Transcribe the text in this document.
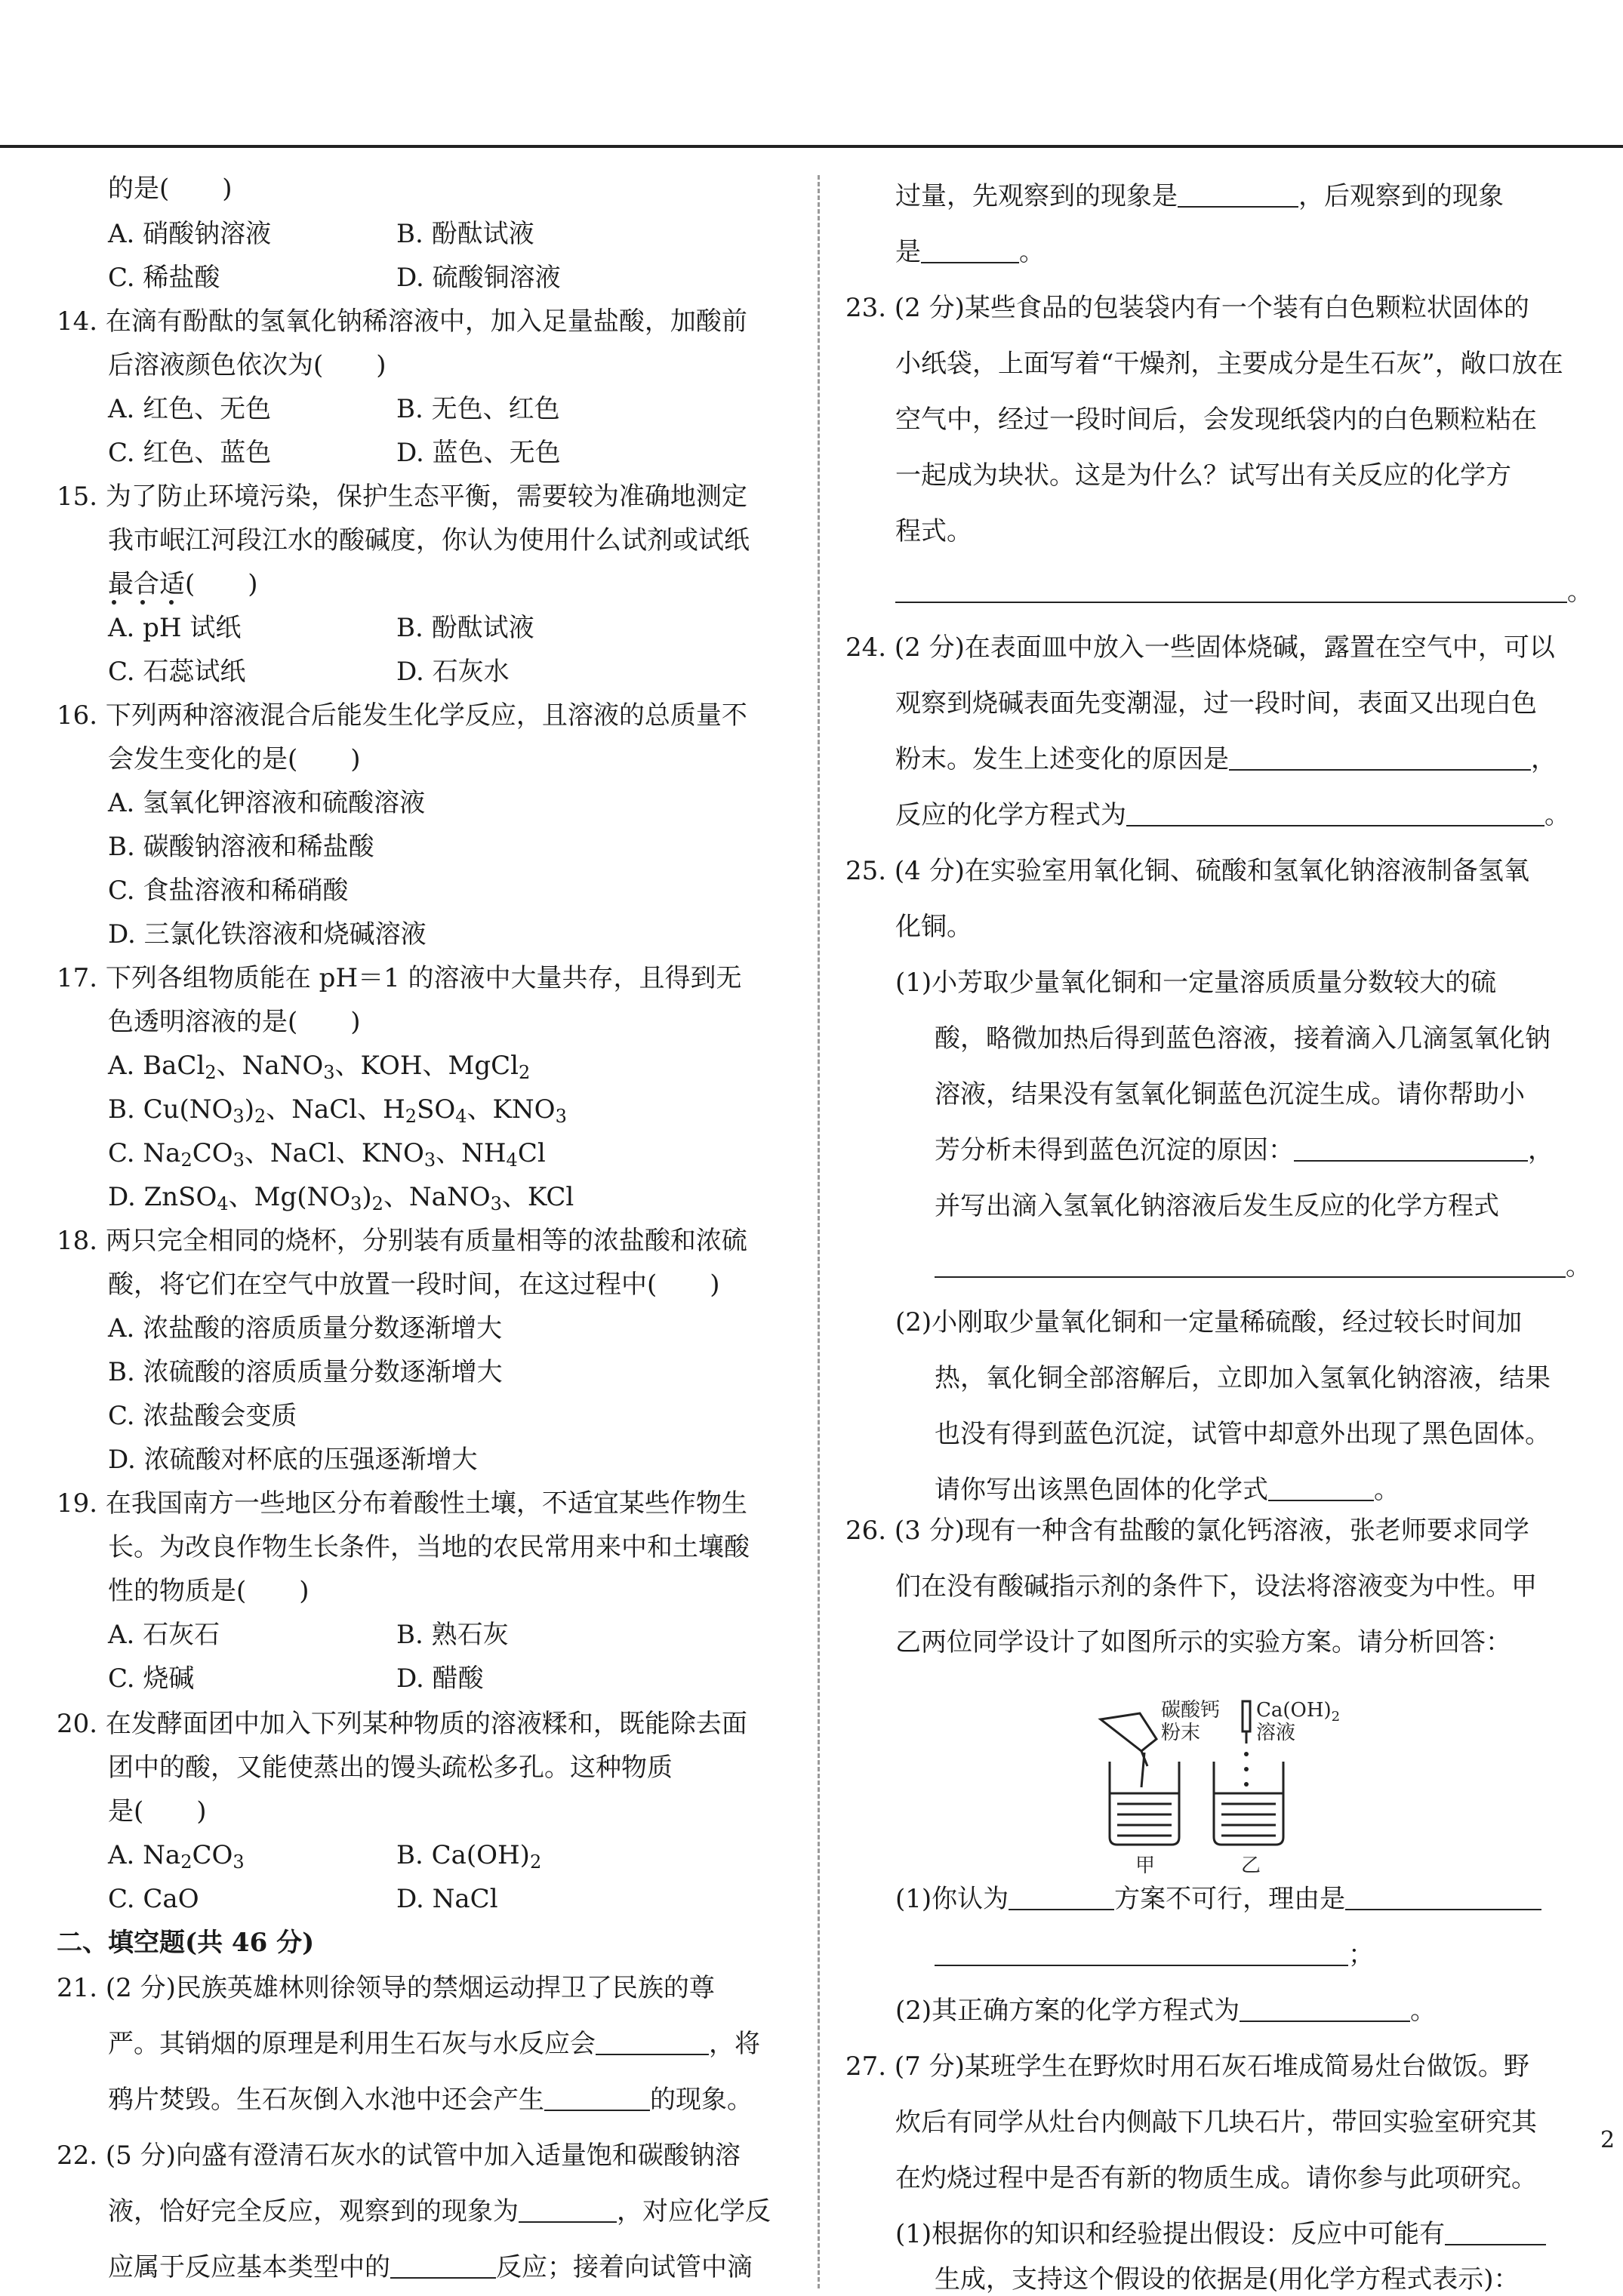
的是( )
A. 硝酸钠溶液	B. 酚酞试液
C. 稀盐酸	D. 硫酸铜溶液
14. 在滴有酚酞的氢氧化钠稀溶液中，加入足量盐酸，加酸前
后溶液颜色依次为( )
A. 红色、无色	B. 无色、红色
C. 红色、蓝色	D. 蓝色、无色
15. 为了防止环境污染，保护生态平衡，需要较为准确地测定
我市岷江河段江水的酸碱度，你认为使用什么试剂或试纸
最合适( )
A. pH 试纸	B. 酚酞试液
C. 石蕊试纸	D. 石灰水
16. 下列两种溶液混合后能发生化学反应，且溶液的总质量不
会发生变化的是( )
A. 氢氧化钾溶液和硫酸溶液
B. 碳酸钠溶液和稀盐酸
C. 食盐溶液和稀硝酸
D. 三氯化铁溶液和烧碱溶液
17. 下列各组物质能在 pH＝1 的溶液中大量共存，且得到无
色透明溶液的是( )
A. BaCl$_2$、NaNO$_3$、KOH、MgCl$_2$
B. $Cu(NO_3)_2$、NaCl、$H_2SO_4$、$KNO_3$
C. $Na_2CO_3$、NaCl、$KNO_3$、$NH_4Cl$
D. ZnSO$_4$、$Mg(NO_3)_2$、NaNO$_3$、KCl
18. 两只完全相同的烧杯，分别装有质量相等的浓盐酸和浓硫
酸，将它们在空气中放置一段时间，在这过程中( )
A. 浓盐酸的溶质质量分数逐渐增大
B. 浓硫酸的溶质质量分数逐渐增大
C. 浓盐酸会变质
D. 浓硫酸对杯底的压强逐渐增大
19. 在我国南方一些地区分布着酸性土壤，不适宜某些作物生
长。为改良作物生长条件，当地的农民常用来中和土壤酸
性的物质是( )
A. 石灰石	B. 熟石灰
C. 烧碱	D. 醋酸
20. 在发酵面团中加入下列某种物质的溶液糅和，既能除去面
团中的酸，又能使蒸出的馒头疏松多孔。这种物质
是( )
A. $Na_2CO_3$	B. $Ca(OH)_2$
C. CaO	D. NaCl
二、填空题(共 46 分)
21. (2 分)民族英雄林则徐领导的禁烟运动捍卫了民族的尊
严。其销烟的原理是利用生石灰与水反应会	，将
鸦片焚毁。生石灰倒入水池中还会产生	的现象。
22. (5 分)向盛有澄清石灰水的试管中加入适量饱和碳酸钠溶
液，恰好完全反应，观察到的现象为	，对应化学反
应属于反应基本类型中的	反应；接着向试管中滴
过量，先观察到的现象是	，后观察到的现象
是	。
23. (2 分)某些食品的包装袋内有一个装有白色颗粒状固体的
小纸袋，上面写着“干燥剂，主要成分是生石灰”，敞口放在
空气中，经过一段时间后，会发现纸袋内的白色颗粒粘在
一起成为块状。这是为什么？试写出有关反应的化学方
程式。
。
24. (2 分)在表面皿中放入一些固体烧碱，露置在空气中，可以
观察到烧碱表面先变潮湿，过一段时间，表面又出现白色
粉末。发生上述变化的原因是	，
反应的化学方程式为	。
25. (4 分)在实验室用氧化铜、硫酸和氢氧化钠溶液制备氢氧
化铜。
(1)小芳取少量氧化铜和一定量溶质质量分数较大的硫
酸，略微加热后得到蓝色溶液，接着滴入几滴氢氧化钠
溶液，结果没有氢氧化铜蓝色沉淀生成。请你帮助小
芳分析未得到蓝色沉淀的原因：	，
并写出滴入氢氧化钠溶液后发生反应的化学方程式
。
(2)小刚取少量氧化铜和一定量稀硫酸，经过较长时间加
热，氧化铜全部溶解后，立即加入氢氧化钠溶液，结果
也没有得到蓝色沉淀，试管中却意外出现了黑色固体。
请你写出该黑色固体的化学式	。
26. (3 分)现有一种含有盐酸的氯化钙溶液，张老师要求同学
们在没有酸碱指示剂的条件下，设法将溶液变为中性。甲
乙两位同学设计了如图所示的实验方案。请分析回答：
碳酸钙
粉末
$Ca(OH)_2$
溶液
甲	乙
(1)你认为	方案不可行，理由是
；
(2)其正确方案的化学方程式为	。
27. (7 分)某班学生在野炊时用石灰石堆成简易灶台做饭。野
炊后有同学从灶台内侧敲下几块石片，带回实验室研究其
在灼烧过程中是否有新的物质生成。请你参与此项研究。
(1)根据你的知识和经验提出假设：反应中可能有
生成，支持这个假设的依据是(用化学方程式表示)：
2
